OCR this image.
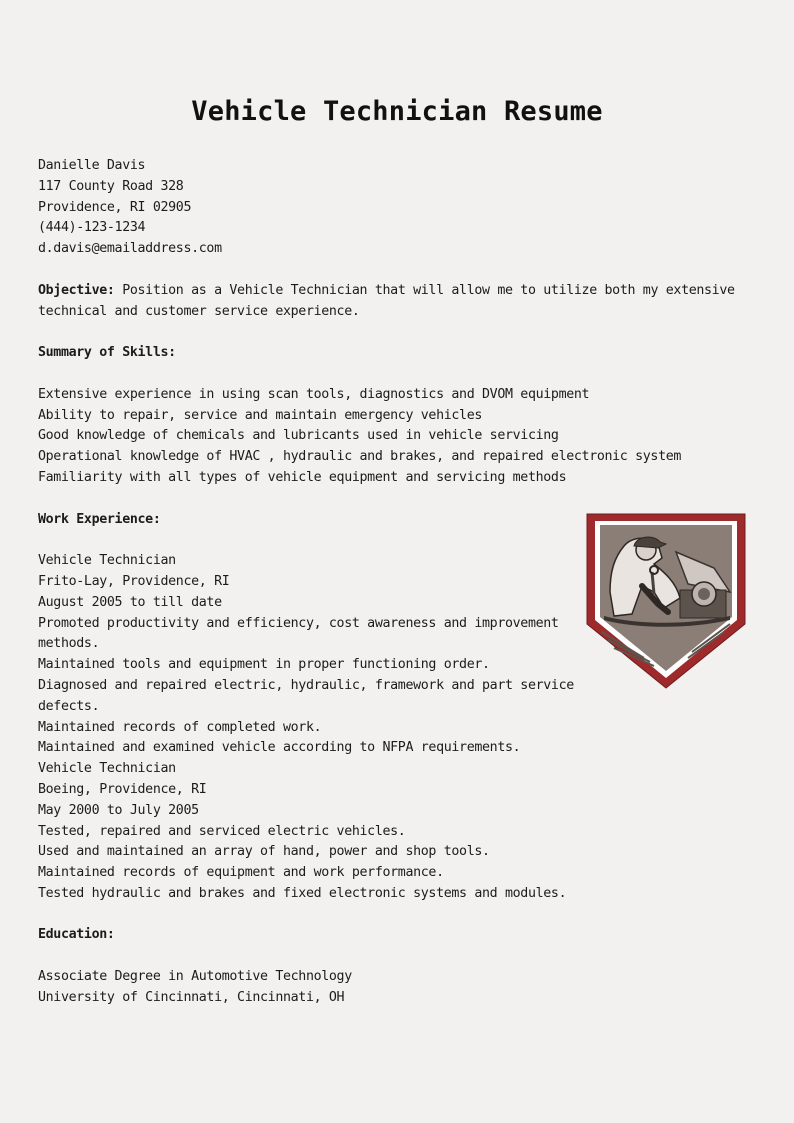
Vehicle Technician Resume
Danielle Davis
117 County Road 328
Providence, RI 02905
(444)-123-1234
d.davis@emailaddress.com
Objective: Position as a Vehicle Technician that will allow me to utilize both my extensive technical and customer service experience.
Summary of Skills:
Extensive experience in using scan tools, diagnostics and DVOM equipment
Ability to repair, service and maintain emergency vehicles
Good knowledge of chemicals and lubricants used in vehicle servicing
Operational knowledge of HVAC , hydraulic and brakes, and repaired electronic system
Familiarity with all types of vehicle equipment and servicing methods
Work Experience:
Vehicle Technician
Frito-Lay, Providence, RI
August 2005 to till date
Promoted productivity and efficiency, cost awareness and improvement methods.
Maintained tools and equipment in proper functioning order.
Diagnosed and repaired electric, hydraulic, framework and part service defects.
Maintained records of completed work.
Maintained and examined vehicle according to NFPA requirements.
Vehicle Technician
Boeing, Providence, RI
May 2000 to July 2005
Tested, repaired and serviced electric vehicles.
Used and maintained an array of hand, power and shop tools.
Maintained records of equipment and work performance.
Tested hydraulic and brakes and fixed electronic systems and modules.
Education:
Associate Degree in Automotive Technology
University of Cincinnati, Cincinnati, OH
